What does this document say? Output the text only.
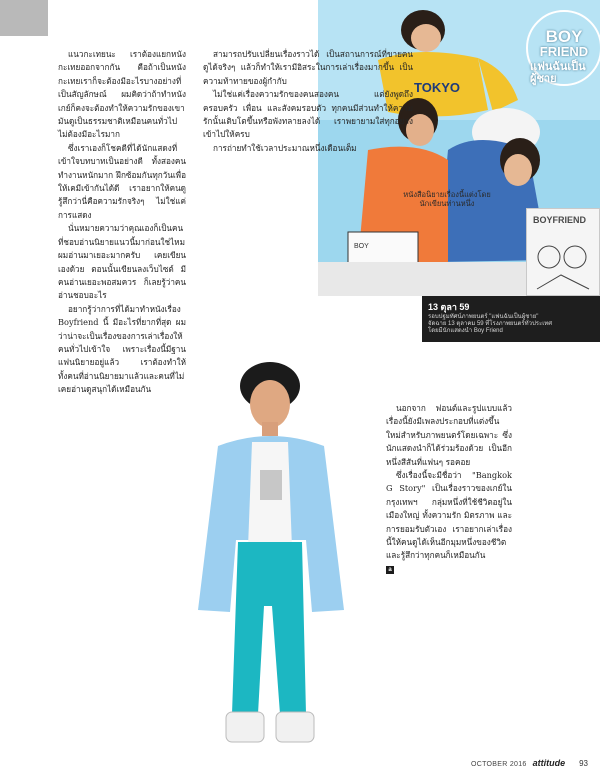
TOKYO
BOY
BOY
FRIEND
แฟนฉันเป็นผู้ชาย
หนังสือนิยายเรื่องนี้แต่งโดยนักเขียนท่านหนึ่ง
BOYFRIEND
13 ตุลา 59
รอบปฐมทัศน์ภาพยนตร์ "แฟนฉันเป็นผู้ชาย"
จัดฉาย 13 ตุลาคม 59 ที่โรงภาพยนตร์ทั่วประเทศ
โดยมีนักแสดงนำ Boy Friend

แนวกะเทยนะ เราต้องแยกหนังกะเทยออกจากกัน คือถ้าเป็นหนังกะเทยเราก็จะต้องมีอะไรบางอย่างที่เป็นสัญลักษณ์ ผมคิดว่าถ้าทำหนังเกย์ก็คงจะต้องทำให้ความรักของเขามันดูเป็นธรรมชาติเหมือนคนทั่วไป ไม่ต้องมีอะไรมาก

ซึ่งเราเองก็โชคดีที่ได้นักแสดงที่เข้าใจบทบาทเป็นอย่างดี ทั้งสองคนทำงานหนักมาก ฝึกซ้อมกันทุกวันเพื่อให้เคมีเข้ากันได้ดี เราอยากให้คนดูรู้สึกว่านี่คือความรักจริงๆ ไม่ใช่แค่การแสดง

นั่นหมายความว่าคุณเองก็เป็นคนที่ชอบอ่านนิยายแนวนี้มาก่อนใช่ไหม ผมอ่านมาเยอะมากครับ เคยเขียนเองด้วย ตอนนั้นเขียนลงเว็บไซต์ มีคนอ่านเยอะพอสมควร ก็เลยรู้ว่าคนอ่านชอบอะไร

อยากรู้ว่าการที่ได้มาทำหนังเรื่อง Boyfriend นี้ มีอะไรที่ยากที่สุด ผมว่าน่าจะเป็นเรื่องของการเล่าเรื่องให้คนทั่วไปเข้าใจ เพราะเรื่องนี้มีฐานแฟนนิยายอยู่แล้ว เราต้องทำให้ทั้งคนที่อ่านนิยายมาแล้วและคนที่ไม่เคยอ่านดูสนุกได้เหมือนกัน

สามารถปรับเปลี่ยนเรื่องราวได้ เป็นสถานการณ์ที่ขายคนดูได้จริงๆ แล้วก็ทำให้เรามีอิสระในการเล่าเรื่องมากขึ้น เป็นความท้าทายของผู้กำกับ

ไม่ใช่แค่เรื่องความรักของคนสองคน แต่ยังพูดถึงครอบครัว เพื่อน และสังคมรอบตัว ทุกคนมีส่วนทำให้ความรักนั้นเติบโตขึ้นหรือพังทลายลงได้ เราพยายามใส่ทุกอย่างเข้าไปให้ครบ

การถ่ายทำใช้เวลาประมาณหนึ่งเดือนเต็ม

นอกจาก ฟอนต์และรูปแบบแล้ว เรื่องนี้ยังมีเพลงประกอบที่แต่งขึ้นใหม่สำหรับภาพยนตร์โดยเฉพาะ ซึ่งนักแสดงนำก็ได้ร่วมร้องด้วย เป็นอีกหนึ่งสีสันที่แฟนๆ รอคอย

ซึ่งเรื่องนี้จะมีชื่อว่า "Bangkok G Story" เป็นเรื่องราวของเกย์ในกรุงเทพฯ กลุ่มหนึ่งที่ใช้ชีวิตอยู่ในเมืองใหญ่ ทั้งความรัก มิตรภาพ และการยอมรับตัวเอง เราอยากเล่าเรื่องนี้ให้คนดูได้เห็นอีกมุมหนึ่งของชีวิต และรู้สึกว่าทุกคนก็เหมือนกัน

a
OCTOBER 2016 attitude 93
